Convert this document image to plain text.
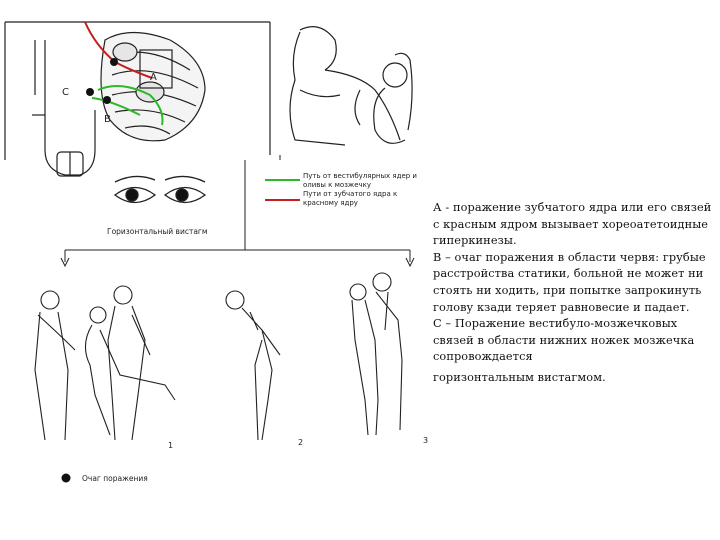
A
C
B
Горизонтальный вистагм
Путь от вестибулярных ядер и оливы к мозжечку
Пути от зубчатого ядра к красному ядру
1	2	3
Очаг поражения

А - поражение зубчатого ядра или его связей с красным ядром вызывает хореоатетоидные гиперкинезы.

В – очаг поражения в области червя: грубые расстройства статики, больной не может ни стоять ни ходить, при попытке запрокинуть голову кзади теряет равновесие и падает.

С – Поражение вестибуло-мозжечковых связей в области нижних ножек мозжечка сопровождается

горизонтальным вистагмом.
